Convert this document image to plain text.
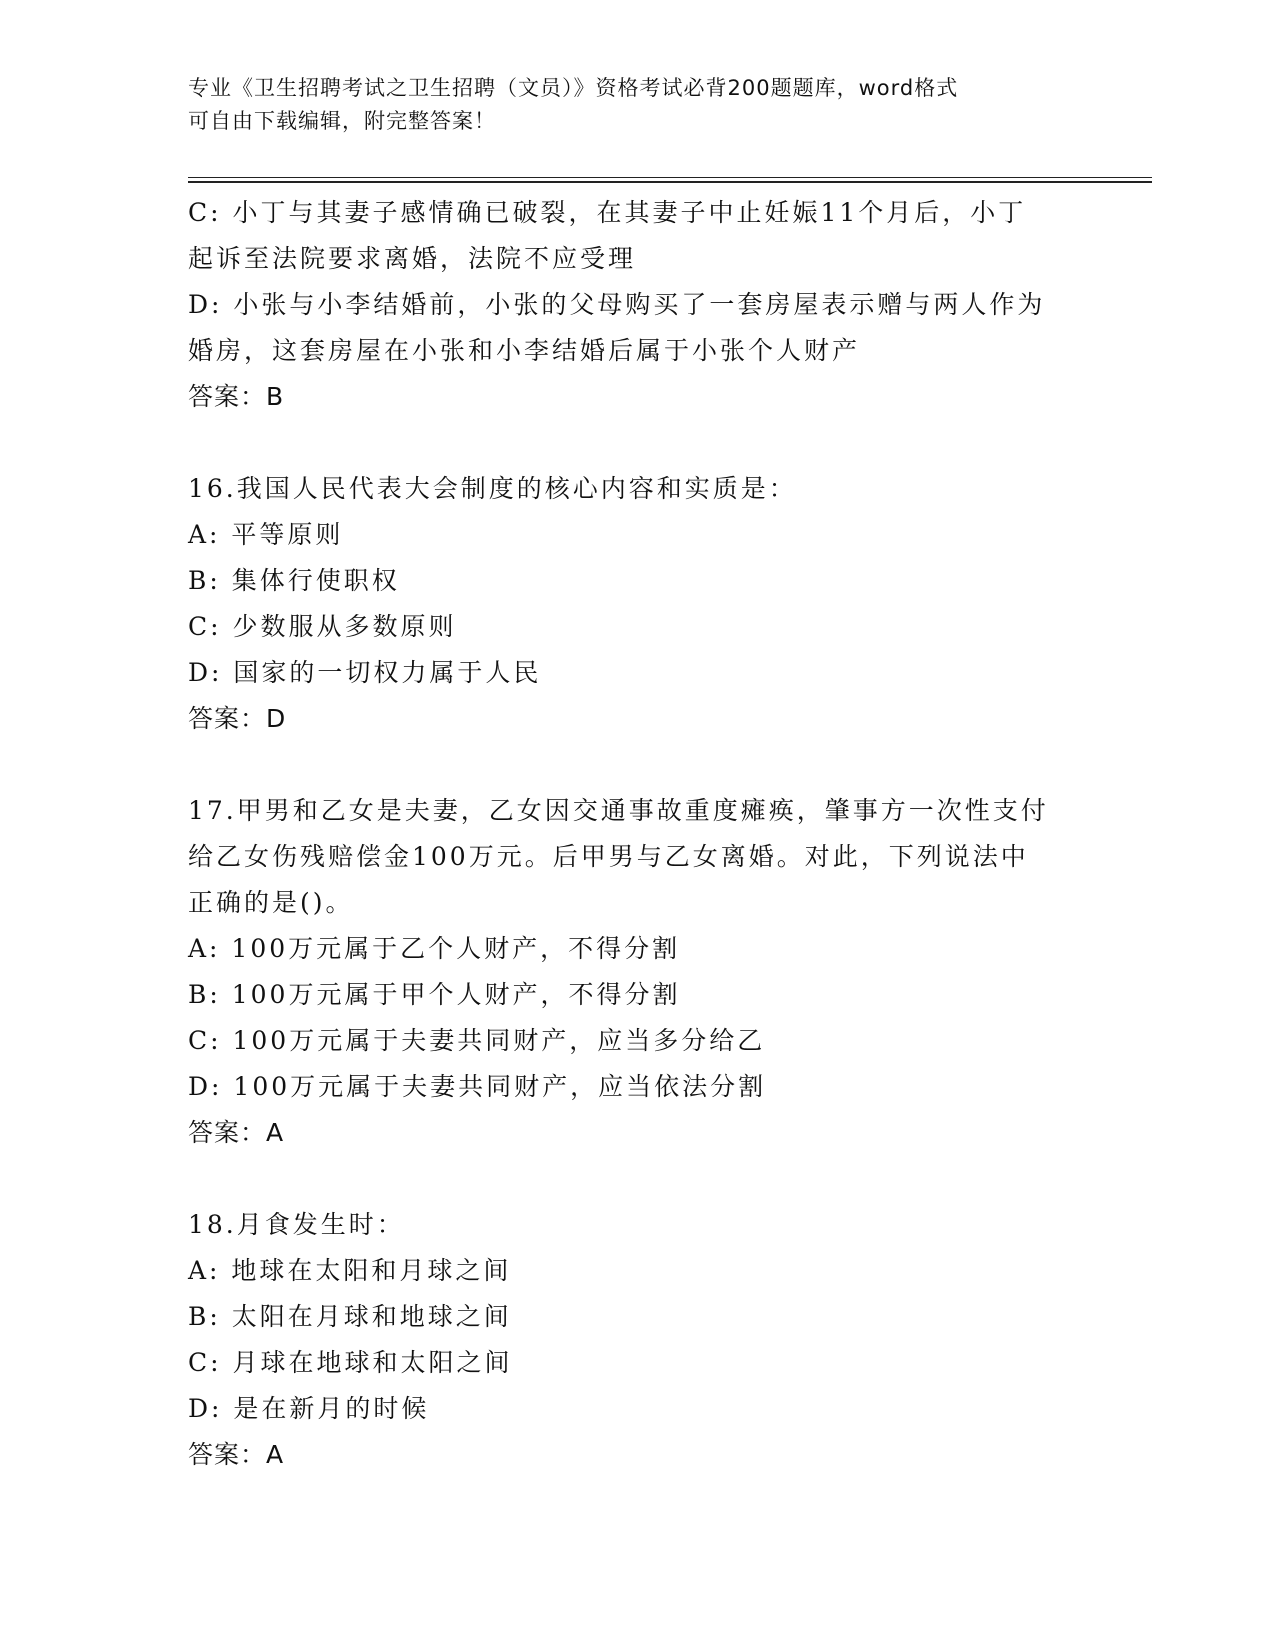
专业《卫生招聘考试之卫生招聘（文员）》资格考试必背200题题库，word格式
可自由下载编辑，附完整答案！
C: 小丁与其妻子感情确已破裂，在其妻子中止妊娠11个月后，小丁
起诉至法院要求离婚，法院不应受理
D: 小张与小李结婚前，小张的父母购买了一套房屋表示赠与两人作为
婚房，这套房屋在小张和小李结婚后属于小张个人财产
答案：B
16.我国人民代表大会制度的核心内容和实质是：
A: 平等原则
B: 集体行使职权
C: 少数服从多数原则
D: 国家的一切权力属于人民
答案：D
17.甲男和乙女是夫妻，乙女因交通事故重度瘫痪，肇事方一次性支付
给乙女伤残赔偿金100万元。后甲男与乙女离婚。对此，下列说法中
正确的是()。
A: 100万元属于乙个人财产，不得分割
B: 100万元属于甲个人财产，不得分割
C: 100万元属于夫妻共同财产，应当多分给乙
D: 100万元属于夫妻共同财产，应当依法分割
答案：A
18.月食发生时：
A: 地球在太阳和月球之间
B: 太阳在月球和地球之间
C: 月球在地球和太阳之间
D: 是在新月的时候
答案：A
